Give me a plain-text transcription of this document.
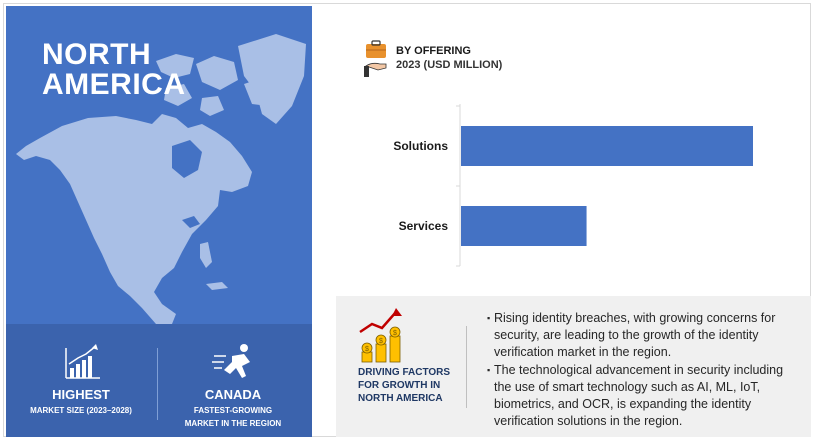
NORTH
AMERICA
HIGHEST
MARKET SIZE (2023–2028)
CANADA
FASTEST-GROWING MARKET IN THE REGION
BY OFFERING
2023 (USD MILLION)
Solutions
Services
$
$
$
DRIVING FACTORS FOR GROWTH IN NORTH AMERICA
▪ Rising identity breaches, with growing concerns for security, are leading to the growth of the identity verification market in the region.
▪ The technological advancement in security including the use of smart technology such as AI, ML, IoT, biometrics, and OCR, is expanding the identity verification solutions in the region.
